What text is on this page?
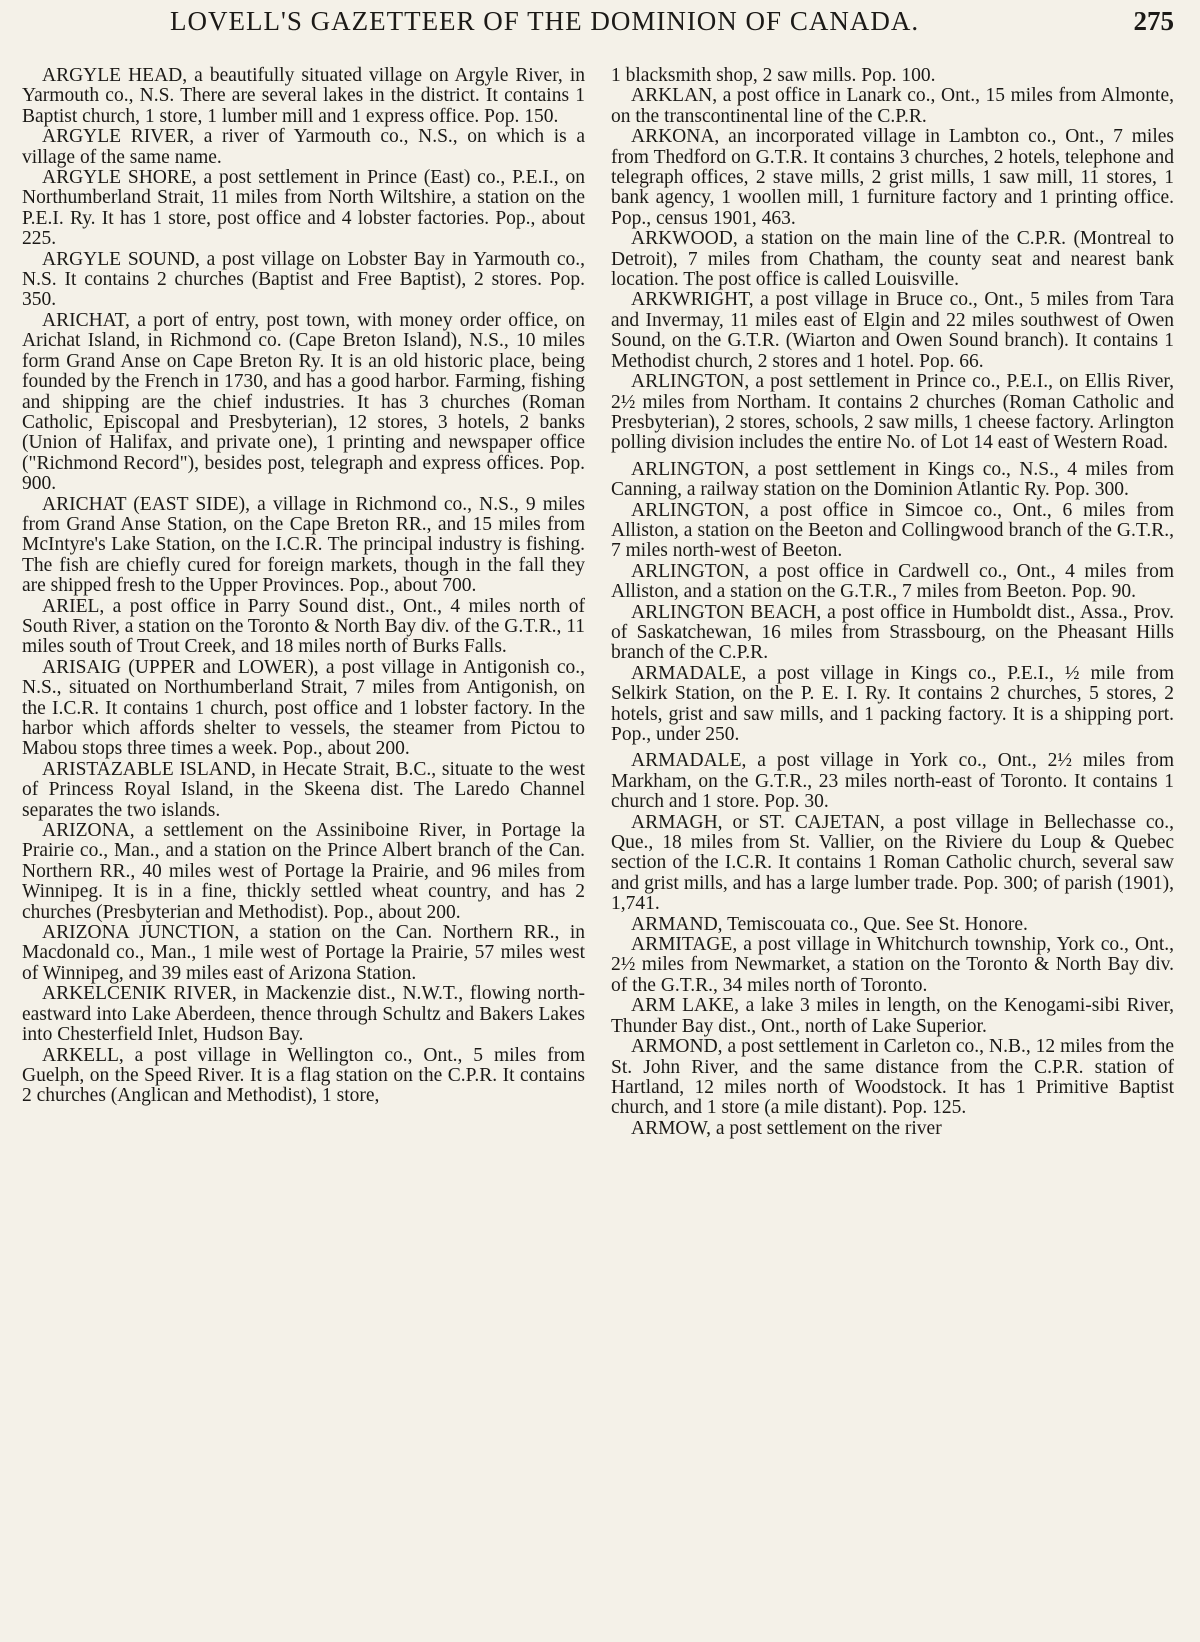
LOVELL'S GAZETTEER OF THE DOMINION OF CANADA.	275

ARGYLE HEAD, a beautifully situated village on Argyle River, in Yarmouth co., N.S. There are several lakes in the district. It contains 1 Baptist church, 1 store, 1 lumber mill and 1 express office. Pop. 150.

ARGYLE RIVER, a river of Yarmouth co., N.S., on which is a village of the same name.

ARGYLE SHORE, a post settlement in Prince (East) co., P.E.I., on Northumberland Strait, 11 miles from North Wiltshire, a station on the P.E.I. Ry. It has 1 store, post office and 4 lobster factories. Pop., about 225.

ARGYLE SOUND, a post village on Lobster Bay in Yarmouth co., N.S. It contains 2 churches (Baptist and Free Baptist), 2 stores. Pop. 350.

ARICHAT, a port of entry, post town, with money order office, on Arichat Island, in Richmond co. (Cape Breton Island), N.S., 10 miles form Grand Anse on Cape Breton Ry. It is an old historic place, being founded by the French in 1730, and has a good harbor. Farming, fishing and shipping are the chief industries. It has 3 churches (Roman Catholic, Episcopal and Presbyterian), 12 stores, 3 hotels, 2 banks (Union of Halifax, and private one), 1 printing and newspaper office ("Richmond Record"), besides post, telegraph and express offices. Pop. 900.

ARICHAT (EAST SIDE), a village in Richmond co., N.S., 9 miles from Grand Anse Station, on the Cape Breton RR., and 15 miles from McIntyre's Lake Station, on the I.C.R. The principal industry is fishing. The fish are chiefly cured for foreign markets, though in the fall they are shipped fresh to the Upper Provinces. Pop., about 700.

ARIEL, a post office in Parry Sound dist., Ont., 4 miles north of South River, a station on the Toronto & North Bay div. of the G.T.R., 11 miles south of Trout Creek, and 18 miles north of Burks Falls.

ARISAIG (UPPER and LOWER), a post village in Antigonish co., N.S., situated on Northumberland Strait, 7 miles from Antigonish, on the I.C.R. It contains 1 church, post office and 1 lobster factory. In the harbor which affords shelter to vessels, the steamer from Pictou to Mabou stops three times a week. Pop., about 200.

ARISTAZABLE ISLAND, in Hecate Strait, B.C., situate to the west of Princess Royal Island, in the Skeena dist. The Laredo Channel separates the two islands.

ARIZONA, a settlement on the Assiniboine River, in Portage la Prairie co., Man., and a station on the Prince Albert branch of the Can. Northern RR., 40 miles west of Portage la Prairie, and 96 miles from Winnipeg. It is in a fine, thickly settled wheat country, and has 2 churches (Presbyterian and Methodist). Pop., about 200.

ARIZONA JUNCTION, a station on the Can. Northern RR., in Macdonald co., Man., 1 mile west of Portage la Prairie, 57 miles west of Winnipeg, and 39 miles east of Arizona Station.

ARKELCENIK RIVER, in Mackenzie dist., N.W.T., flowing north-eastward into Lake Aberdeen, thence through Schultz and Bakers Lakes into Chesterfield Inlet, Hudson Bay.

ARKELL, a post village in Wellington co., Ont., 5 miles from Guelph, on the Speed River. It is a flag station on the C.P.R. It contains 2 churches (Anglican and Methodist), 1 store,

1 blacksmith shop, 2 saw mills. Pop. 100.

ARKLAN, a post office in Lanark co., Ont., 15 miles from Almonte, on the transcontinental line of the C.P.R.

ARKONA, an incorporated village in Lambton co., Ont., 7 miles from Thedford on G.T.R. It contains 3 churches, 2 hotels, telephone and telegraph offices, 2 stave mills, 2 grist mills, 1 saw mill, 11 stores, 1 bank agency, 1 woollen mill, 1 furniture factory and 1 printing office. Pop., census 1901, 463.

ARKWOOD, a station on the main line of the C.P.R. (Montreal to Detroit), 7 miles from Chatham, the county seat and nearest bank location. The post office is called Louisville.

ARKWRIGHT, a post village in Bruce co., Ont., 5 miles from Tara and Invermay, 11 miles east of Elgin and 22 miles southwest of Owen Sound, on the G.T.R. (Wiarton and Owen Sound branch). It contains 1 Methodist church, 2 stores and 1 hotel. Pop. 66.

ARLINGTON, a post settlement in Prince co., P.E.I., on Ellis River, 2½ miles from Northam. It contains 2 churches (Roman Catholic and Presbyterian), 2 stores, schools, 2 saw mills, 1 cheese factory. Arlington polling division includes the entire No. of Lot 14 east of Western Road.

ARLINGTON, a post settlement in Kings co., N.S., 4 miles from Canning, a railway station on the Dominion Atlantic Ry. Pop. 300.

ARLINGTON, a post office in Simcoe co., Ont., 6 miles from Alliston, a station on the Beeton and Collingwood branch of the G.T.R., 7 miles north-west of Beeton.

ARLINGTON, a post office in Cardwell co., Ont., 4 miles from Alliston, and a station on the G.T.R., 7 miles from Beeton. Pop. 90.

ARLINGTON BEACH, a post office in Humboldt dist., Assa., Prov. of Saskatchewan, 16 miles from Strassbourg, on the Pheasant Hills branch of the C.P.R.

ARMADALE, a post village in Kings co., P.E.I., ½ mile from Selkirk Station, on the P. E. I. Ry. It contains 2 churches, 5 stores, 2 hotels, grist and saw mills, and 1 packing factory. It is a shipping port. Pop., under 250.

ARMADALE, a post village in York co., Ont., 2½ miles from Markham, on the G.T.R., 23 miles north-east of Toronto. It contains 1 church and 1 store. Pop. 30.

ARMAGH, or ST. CAJETAN, a post village in Bellechasse co., Que., 18 miles from St. Vallier, on the Riviere du Loup & Quebec section of the I.C.R. It contains 1 Roman Catholic church, several saw and grist mills, and has a large lumber trade. Pop. 300; of parish (1901), 1,741.

ARMAND, Temiscouata co., Que. See St. Honore.

ARMITAGE, a post village in Whitchurch township, York co., Ont., 2½ miles from Newmarket, a station on the Toronto & North Bay div. of the G.T.R., 34 miles north of Toronto.

ARM LAKE, a lake 3 miles in length, on the Kenogami-sibi River, Thunder Bay dist., Ont., north of Lake Superior.

ARMOND, a post settlement in Carleton co., N.B., 12 miles from the St. John River, and the same distance from the C.P.R. station of Hartland, 12 miles north of Woodstock. It has 1 Primitive Baptist church, and 1 store (a mile distant). Pop. 125.

ARMOW, a post settlement on the river
